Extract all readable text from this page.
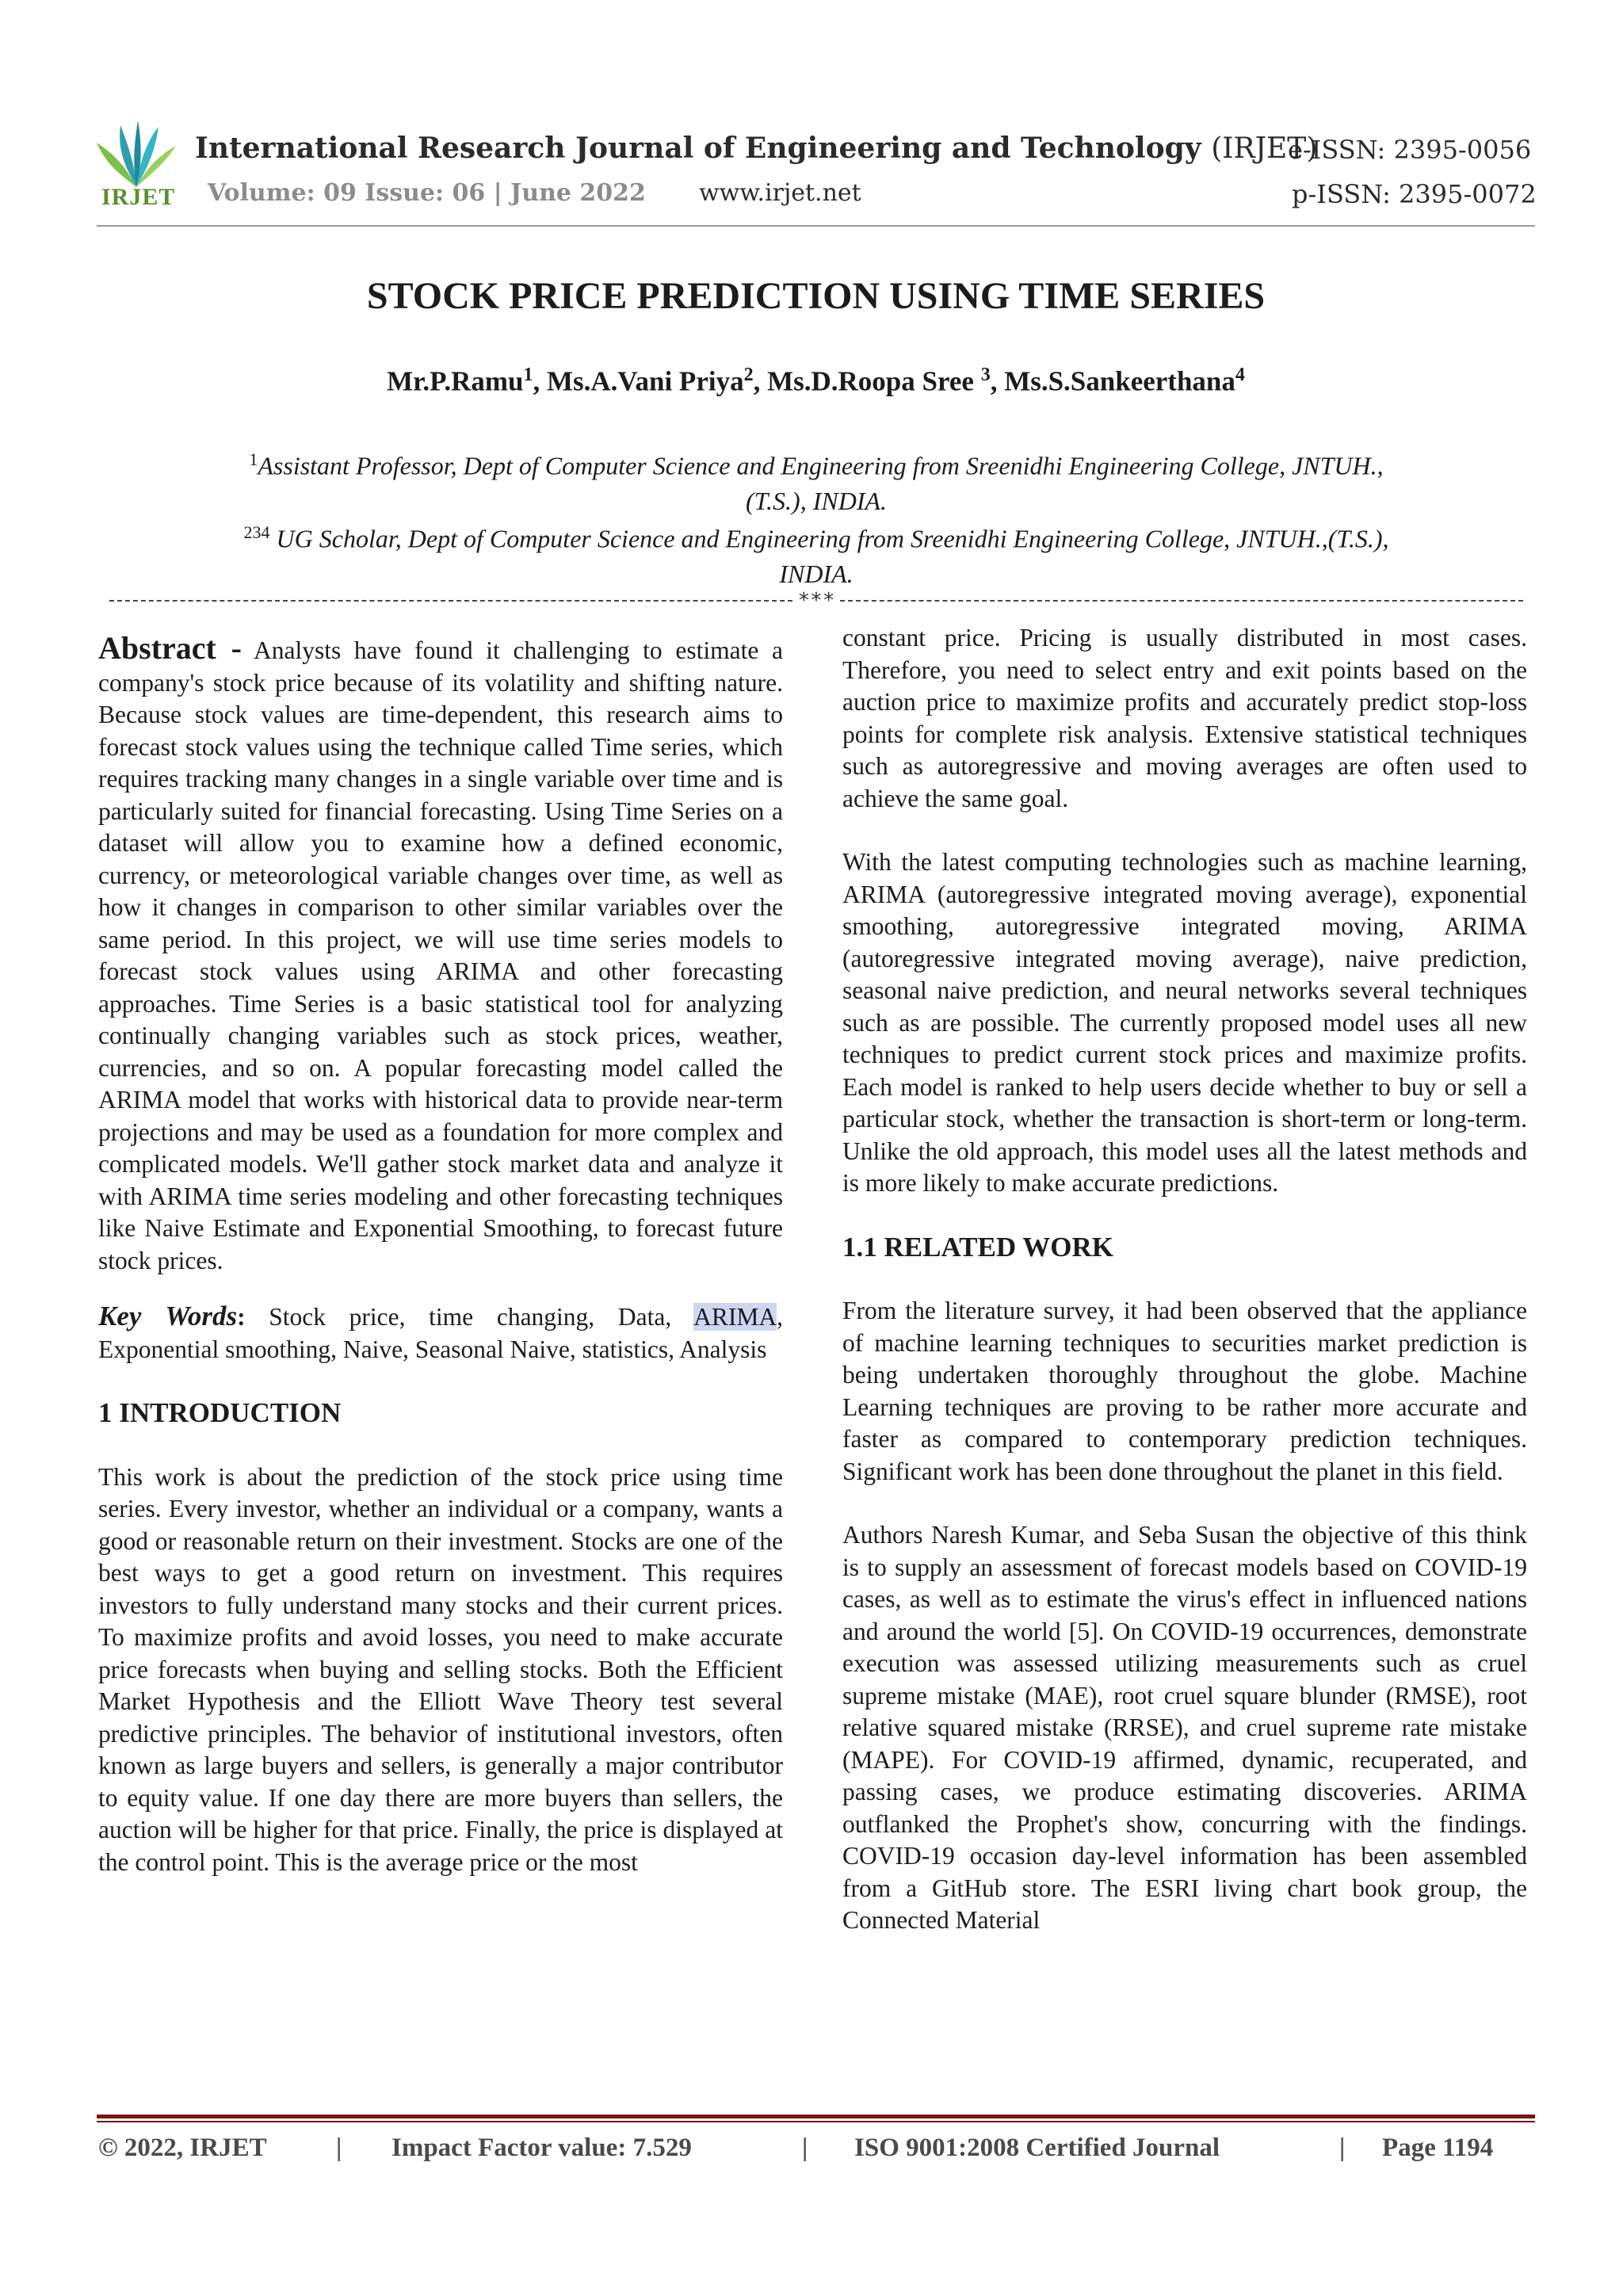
IRJET
International Research Journal of Engineering and Technology (IRJET)
e-ISSN: 2395-0056
Volume: 09 Issue: 06 | June 2022 www.irjet.net	p-ISSN: 2395-0072
STOCK PRICE PREDICTION USING TIME SERIES
Mr.P.Ramu$^1$, Ms.A.Vani Priya$^2$, Ms.D.Roopa Sree $^3$, Ms.S.Sankeerthana$^4$
$^1$Assistant Professor, Dept of Computer Science and Engineering from Sreenidhi Engineering College, JNTUH.,
(T.S.), INDIA.
$^{234}$ UG Scholar, Dept of Computer Science and Engineering from Sreenidhi Engineering College, JNTUH.,(T.S.),
INDIA.
***

Abstract - Analysts have found it challenging to estimate a company's stock price because of its volatility and shifting nature. Because stock values are time-dependent, this research aims to forecast stock values using the technique called Time series, which requires tracking many changes in a single variable over time and is particularly suited for financial forecasting. Using Time Series on a dataset will allow you to examine how a defined economic, currency, or meteorological variable changes over time, as well as how it changes in comparison to other similar variables over the same period. In this project, we will use time series models to forecast stock values using ARIMA and other forecasting approaches. Time Series is a basic statistical tool for analyzing continually changing variables such as stock prices, weather, currencies, and so on. A popular forecasting model called the ARIMA model that works with historical data to provide near-term projections and may be used as a foundation for more complex and complicated models. We'll gather stock market data and analyze it with ARIMA time series modeling and other forecasting techniques like Naive Estimate and Exponential Smoothing, to forecast future stock prices.

Key Words: Stock price, time changing, Data, ARIMA, Exponential smoothing, Naive, Seasonal Naive, statistics, Analysis

1 INTRODUCTION

This work is about the prediction of the stock price using time series. Every investor, whether an individual or a company, wants a good or reasonable return on their investment. Stocks are one of the best ways to get a good return on investment. This requires investors to fully understand many stocks and their current prices. To maximize profits and avoid losses, you need to make accurate price forecasts when buying and selling stocks. Both the Efficient Market Hypothesis and the Elliott Wave Theory test several predictive principles. The behavior of institutional investors, often known as large buyers and sellers, is generally a major contributor to equity value. If one day there are more buyers than sellers, the auction will be higher for that price. Finally, the price is displayed at the control point. This is the average price or the most

constant price. Pricing is usually distributed in most cases. Therefore, you need to select entry and exit points based on the auction price to maximize profits and accurately predict stop-loss points for complete risk analysis. Extensive statistical techniques such as autoregressive and moving averages are often used to achieve the same goal.

With the latest computing technologies such as machine learning, ARIMA (autoregressive integrated moving average), exponential smoothing, autoregressive integrated moving, ARIMA (autoregressive integrated moving average), naive prediction, seasonal naive prediction, and neural networks several techniques such as are possible. The currently proposed model uses all new techniques to predict current stock prices and maximize profits. Each model is ranked to help users decide whether to buy or sell a particular stock, whether the transaction is short-term or long-term. Unlike the old approach, this model uses all the latest methods and is more likely to make accurate predictions.

1.1 RELATED WORK

From the literature survey, it had been observed that the appliance of machine learning techniques to securities market prediction is being undertaken thoroughly throughout the globe. Machine Learning techniques are proving to be rather more accurate and faster as compared to contemporary prediction techniques. Significant work has been done throughout the planet in this field.

Authors Naresh Kumar, and Seba Susan the objective of this think is to supply an assessment of forecast models based on COVID-19 cases, as well as to estimate the virus's effect in influenced nations and around the world [5]. On COVID-19 occurrences, demonstrate execution was assessed utilizing measurements such as cruel supreme mistake (MAE), root cruel square blunder (RMSE), root relative squared mistake (RRSE), and cruel supreme rate mistake (MAPE). For COVID-19 affirmed, dynamic, recuperated, and passing cases, we produce estimating discoveries. ARIMA outflanked the Prophet's show, concurring with the findings. COVID-19 occasion day-level information has been assembled from a GitHub store. The ESRI living chart book group, the Connected Material

© 2022, IRJET	| Impact Factor value: 7.529	| ISO 9001:2008 Certified Journal	| Page 1194
